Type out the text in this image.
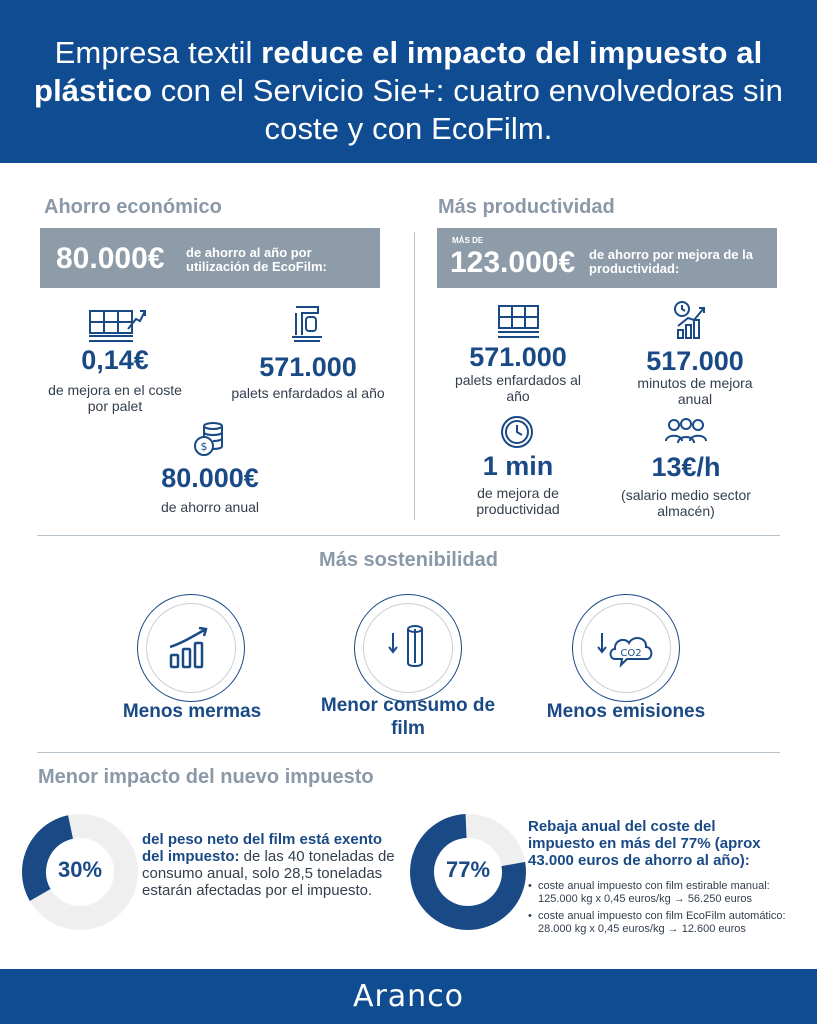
Empresa textil reduce el impacto del impuesto al plástico con el Servicio Sie+: cuatro envolvedoras sin coste y con EcoFilm.
Ahorro económico
80.000€ de ahorro al año por utilización de EcoFilm:
0,14€
de mejora en el coste por palet
571.000
palets enfardados al año
$
80.000€
de ahorro anual
Más productividad
MÁS DE
123.000€ de ahorro por mejora de la productividad:
571.000
palets enfardados al año
517.000
minutos de mejora anual
1 min
de mejora de productividad
13€/h
(salario medio sector almacén)
Más sostenibilidad
Menos mermas	Menor consumo de film
CO2
Menos emisiones
Menor impacto del nuevo impuesto
30%
del peso neto del film está exento del impuesto: de las 40 toneladas de consumo anual, solo 28,5 toneladas estarán afectadas por el impuesto.
77%
Rebaja anual del coste del impuesto en más del 77% (aprox 43.000 euros de ahorro al año):
• coste anual impuesto con film estirable manual: 125.000 kg x 0,45 euros/kg → 56.250 euros
• coste anual impuesto con film EcoFilm automático: 28.000 kg x 0,45 euros/kg → 12.600 euros
Aranco
